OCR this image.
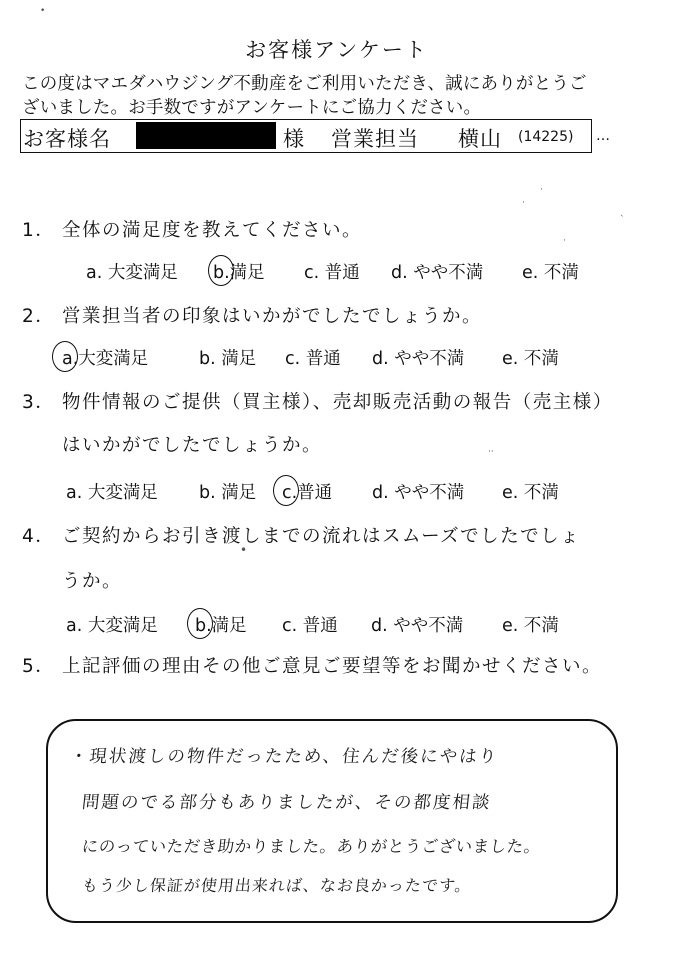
お客様アンケート
この度はマエダハウジング不動産をご利用いただき、誠にありがとうご
ざいました。お手数ですがアンケートにご協力ください。
お客様名	様 営業担当 横山 (14225) …
•
·
·
ˋ
·
··
•
1． 全体の満足度を教えてください。
a. 大変満足 b.満足 c. 普通 d. やや不満 e. 不満
2． 営業担当者の印象はいかがでしたでしょうか。
a.大変満足	b. 満足 c. 普通 d. やや不満 e. 不満
3． 物件情報のご提供（買主様）、売却販売活動の報告（売主様）
はいかがでしたでしょうか。
a. 大変満足 b. 満足 c.普通 d. やや不満 e. 不満
4． ご契約からお引き渡しまでの流れはスムーズでしたでしょ
うか。
a. 大変満足 b.満足 c. 普通 d. やや不満 e. 不満
5． 上記評価の理由その他ご意見ご要望等をお聞かせください。
・現状渡しの物件だったため、住んだ後にやはり
問題のでる部分もありましたが、その都度相談
にのっていただき助かりました。ありがとうございました。
もう少し保証が使用出来れば、なお良かったです。
